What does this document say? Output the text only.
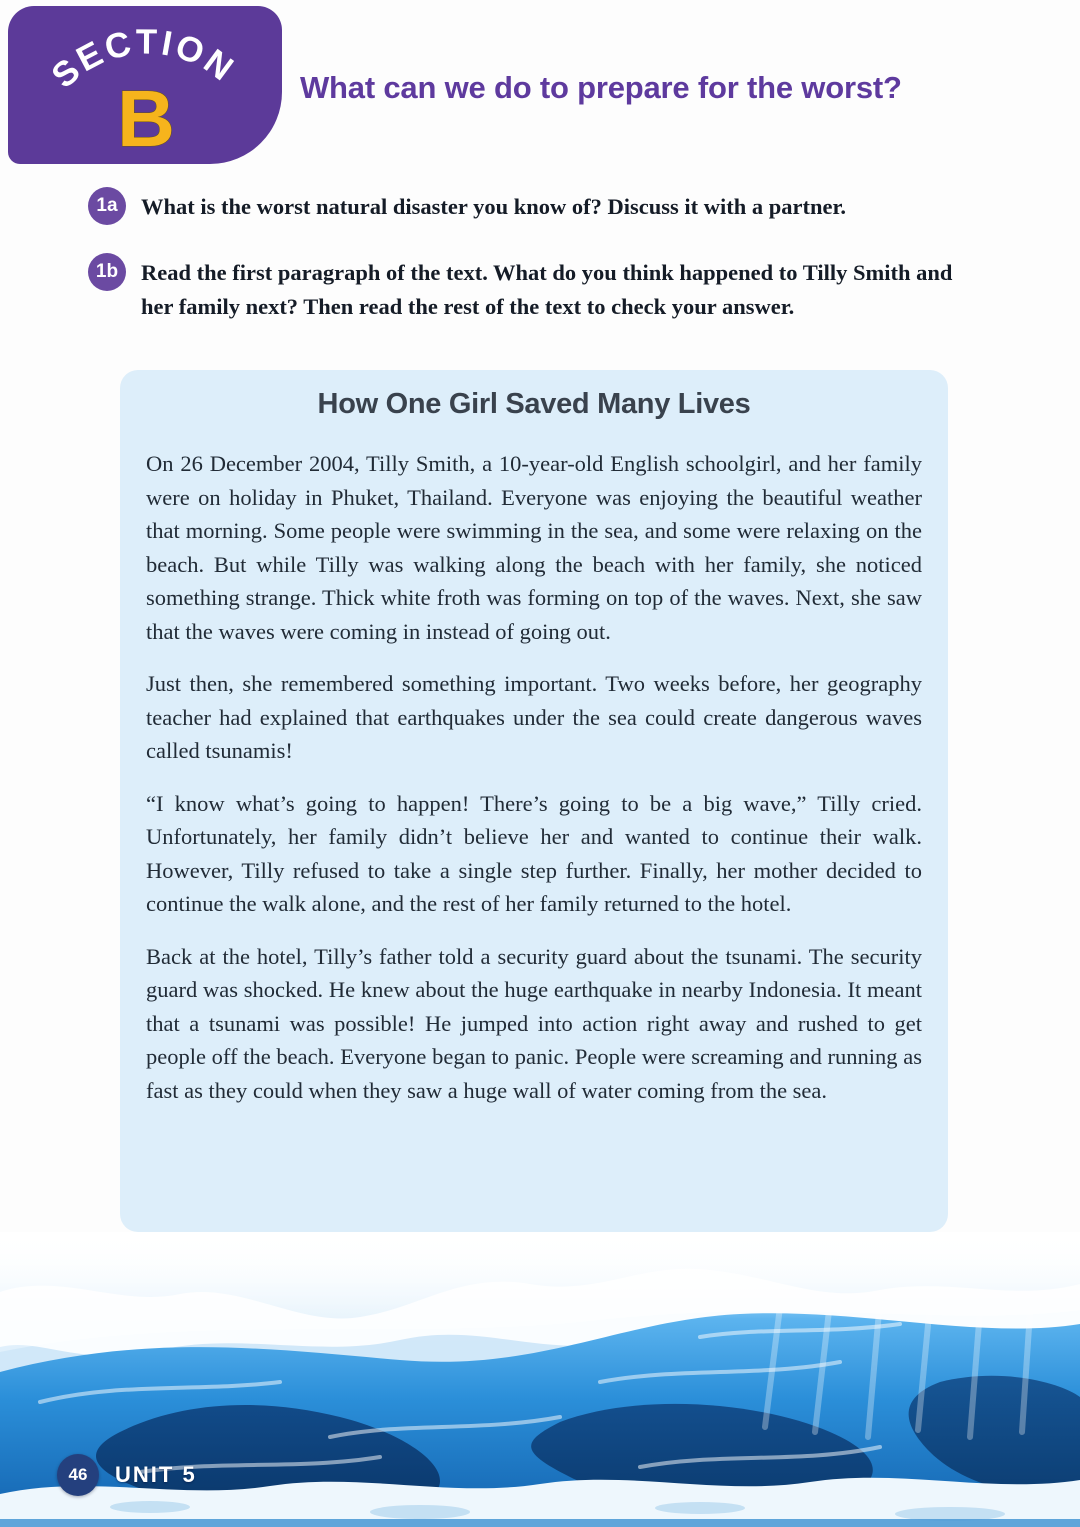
SECTION
B	What can we do to prepare for the worst?
1a	What is the worst natural disaster you know of? Discuss it with a partner.
1b	Read the first paragraph of the text. What do you think happened to Tilly Smith and her family next? Then read the rest of the text to check your answer.
How One Girl Saved Many Lives

On 26 December 2004, Tilly Smith, a 10-year-old English schoolgirl, and her family were on holiday in Phuket, Thailand. Everyone was enjoying the beautiful weather that morning. Some people were swimming in the sea, and some were relaxing on the beach. But while Tilly was walking along the beach with her family, she noticed something strange. Thick white froth was forming on top of the waves. Next, she saw that the waves were coming in instead of going out.

Just then, she remembered something important. Two weeks before, her geography teacher had explained that earthquakes under the sea could create dangerous waves called tsunamis!

“I know what’s going to happen! There’s going to be a big wave,” Tilly cried. Unfortunately, her family didn’t believe her and wanted to continue their walk. However, Tilly refused to take a single step further. Finally, her mother decided to continue the walk alone, and the rest of her family returned to the hotel.

Back at the hotel, Tilly’s father told a security guard about the tsunami. The security guard was shocked. He knew about the huge earthquake in nearby Indonesia. It meant that a tsunami was possible! He jumped into action right away and rushed to get people off the beach. Everyone began to panic. People were screaming and running as fast as they could when they saw a huge wall of water coming from the sea.

46	UNIT 5
